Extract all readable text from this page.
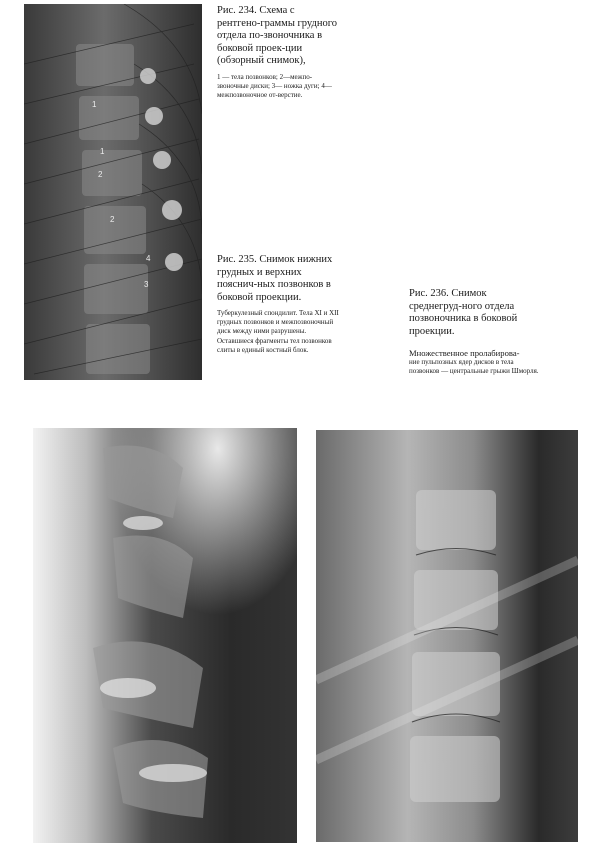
1
1
2
2
4
3

Рис. 234. Схема с рентгено-граммы грудного отдела по-звоночника в боковой проек-ции (обзорный снимок),

1 — тела позвонков; 2—межпо-звоночные диски; 3— ножка дуги; 4— межпозвоночное от-верстие.

Рис. 235. Снимок нижних грудных и верхних пояснич-ных позвонков в боковой проекции.

Туберкулезный спондилит. Тела XI и XII грудных позвонков и межпозвоночный диск между ними разрушены. Оставшиеся фрагменты тел позвонков слиты в единый костный блок.

Рис. 236. Снимок среднегруд-ного отдела позвоночника в боковой проекции.

Множественное пролабирова-

ние пульпозных ядер дисков в тела позвонков — центральные грыжи Шморля.
